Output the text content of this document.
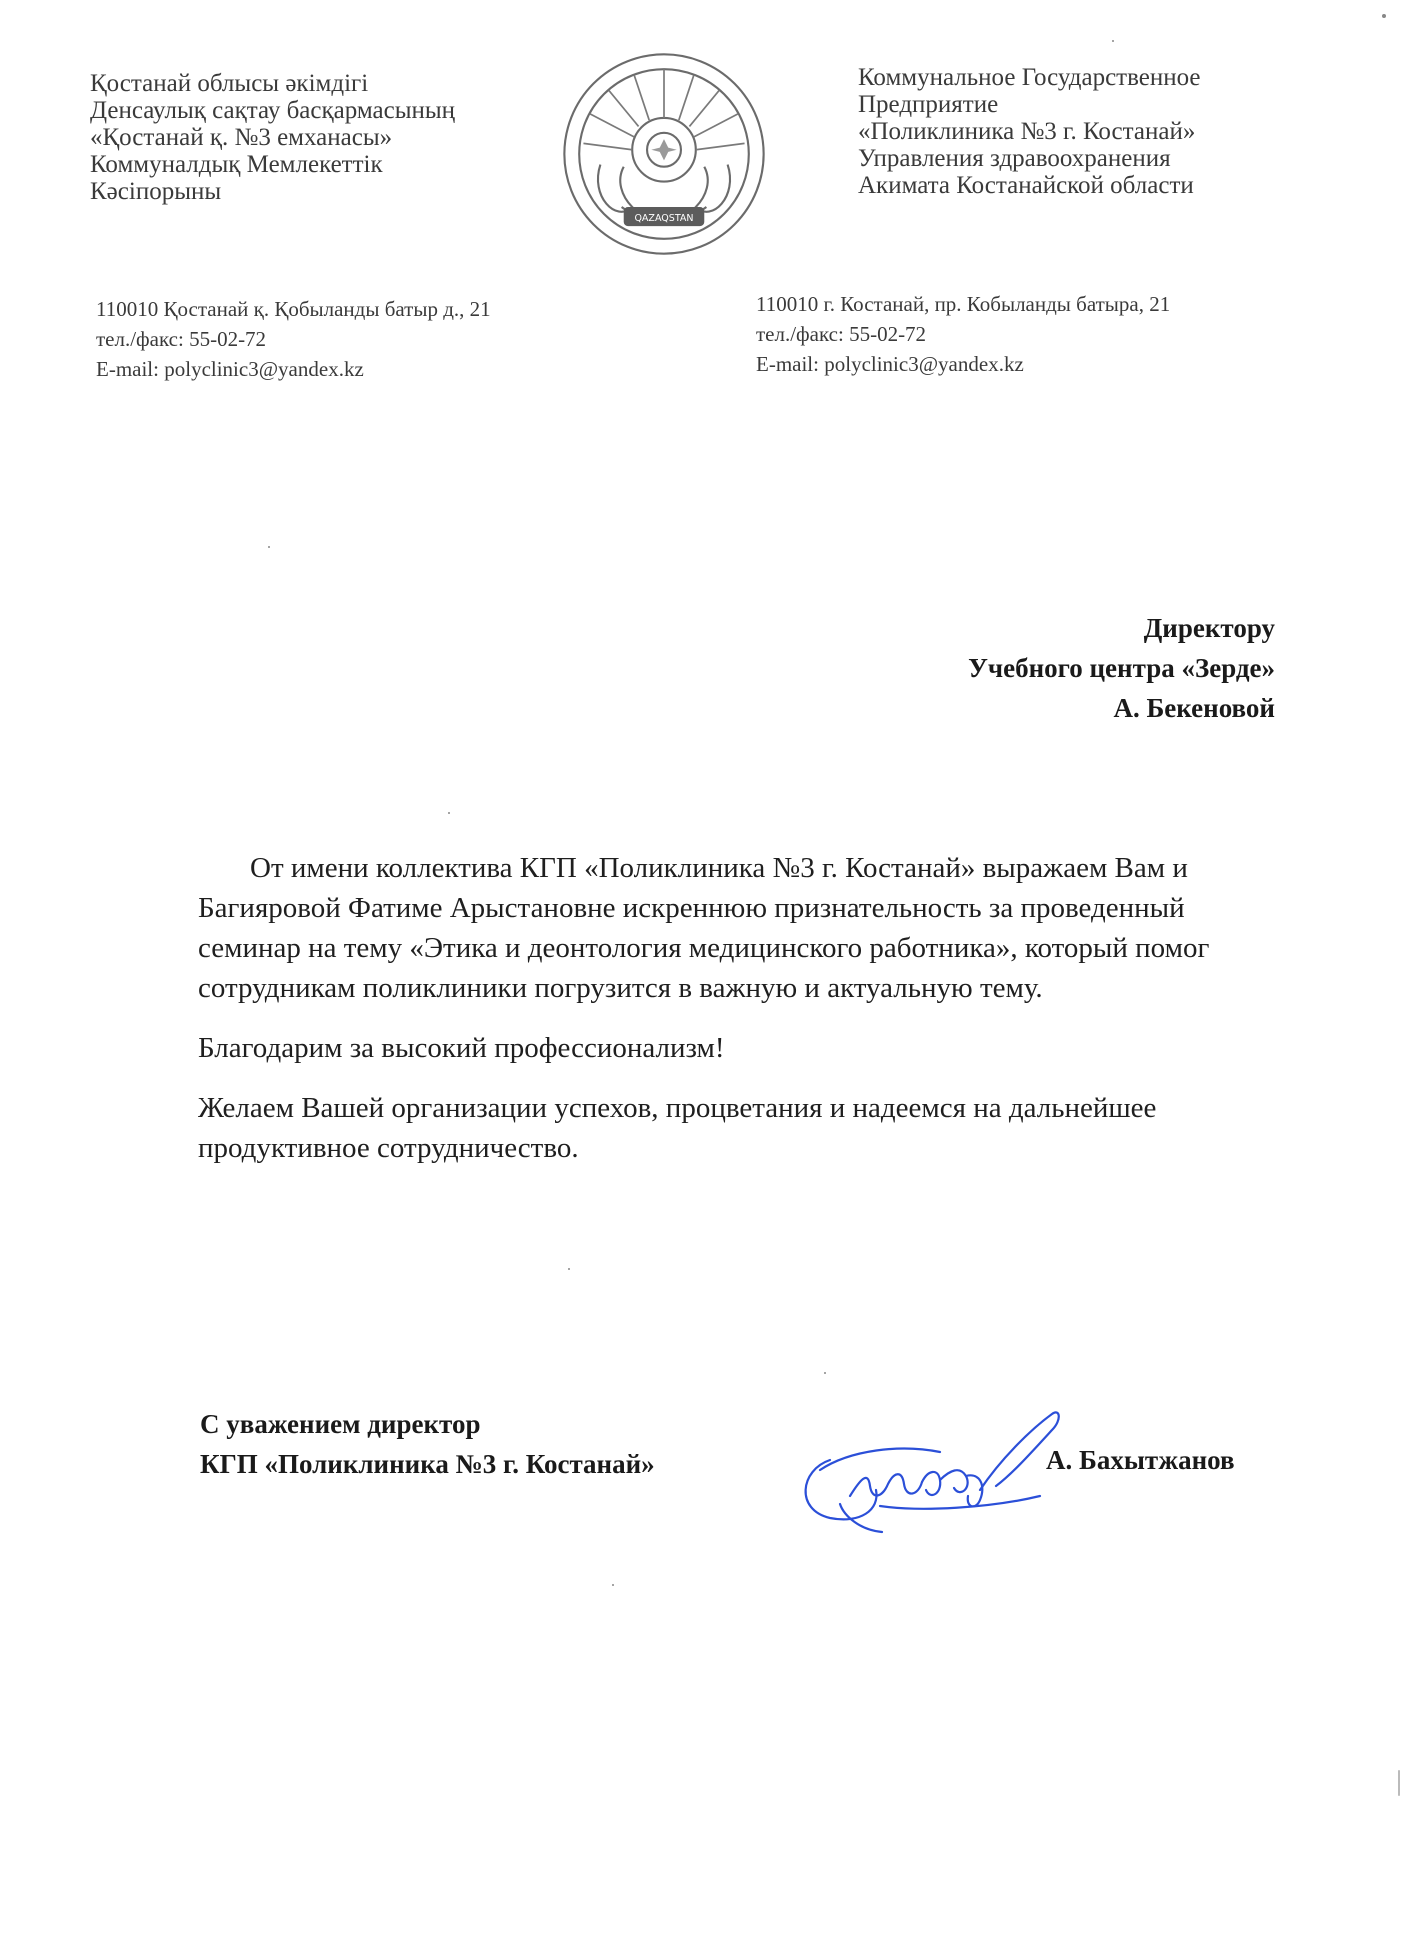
Қостанай облысы әкімдігі
Денсаулық сақтау басқармасының
«Қостанай қ. №3 емханасы»
Коммуналдық Мемлекеттік
Кәсіпорыны
QAZAQSTAN
Коммунальное Государственное
Предприятие
«Поликлиника №3 г. Костанай»
Управления здравоохранения
Акимата Костанайской области
110010 Қостанай қ. Қобыланды батыр д., 21
тел./факс: 55-02-72
E-mail: polyclinic3@yandex.kz
110010 г. Костанай, пр. Кобыланды батыра, 21
тел./факс: 55-02-72
E-mail: polyclinic3@yandex.kz
Директору
Учебного центра «Зерде»
А. Бекеновой

От имени коллектива КГП «Поликлиника №3 г. Костанай» выражаем Вам и Багияровой Фатиме Арыстановне искреннюю признательность за проведенный семинар на тему «Этика и деонтология медицинского работника», который помог сотрудникам поликлиники погрузится в важную и актуальную тему.

Благодарим за высокий профессионализм!

Желаем Вашей организации успехов, процветания и надеемся на дальнейшее продуктивное сотрудничество.

С уважением директор
КГП «Поликлиника №3 г. Костанай»	А. Бахытжанов
